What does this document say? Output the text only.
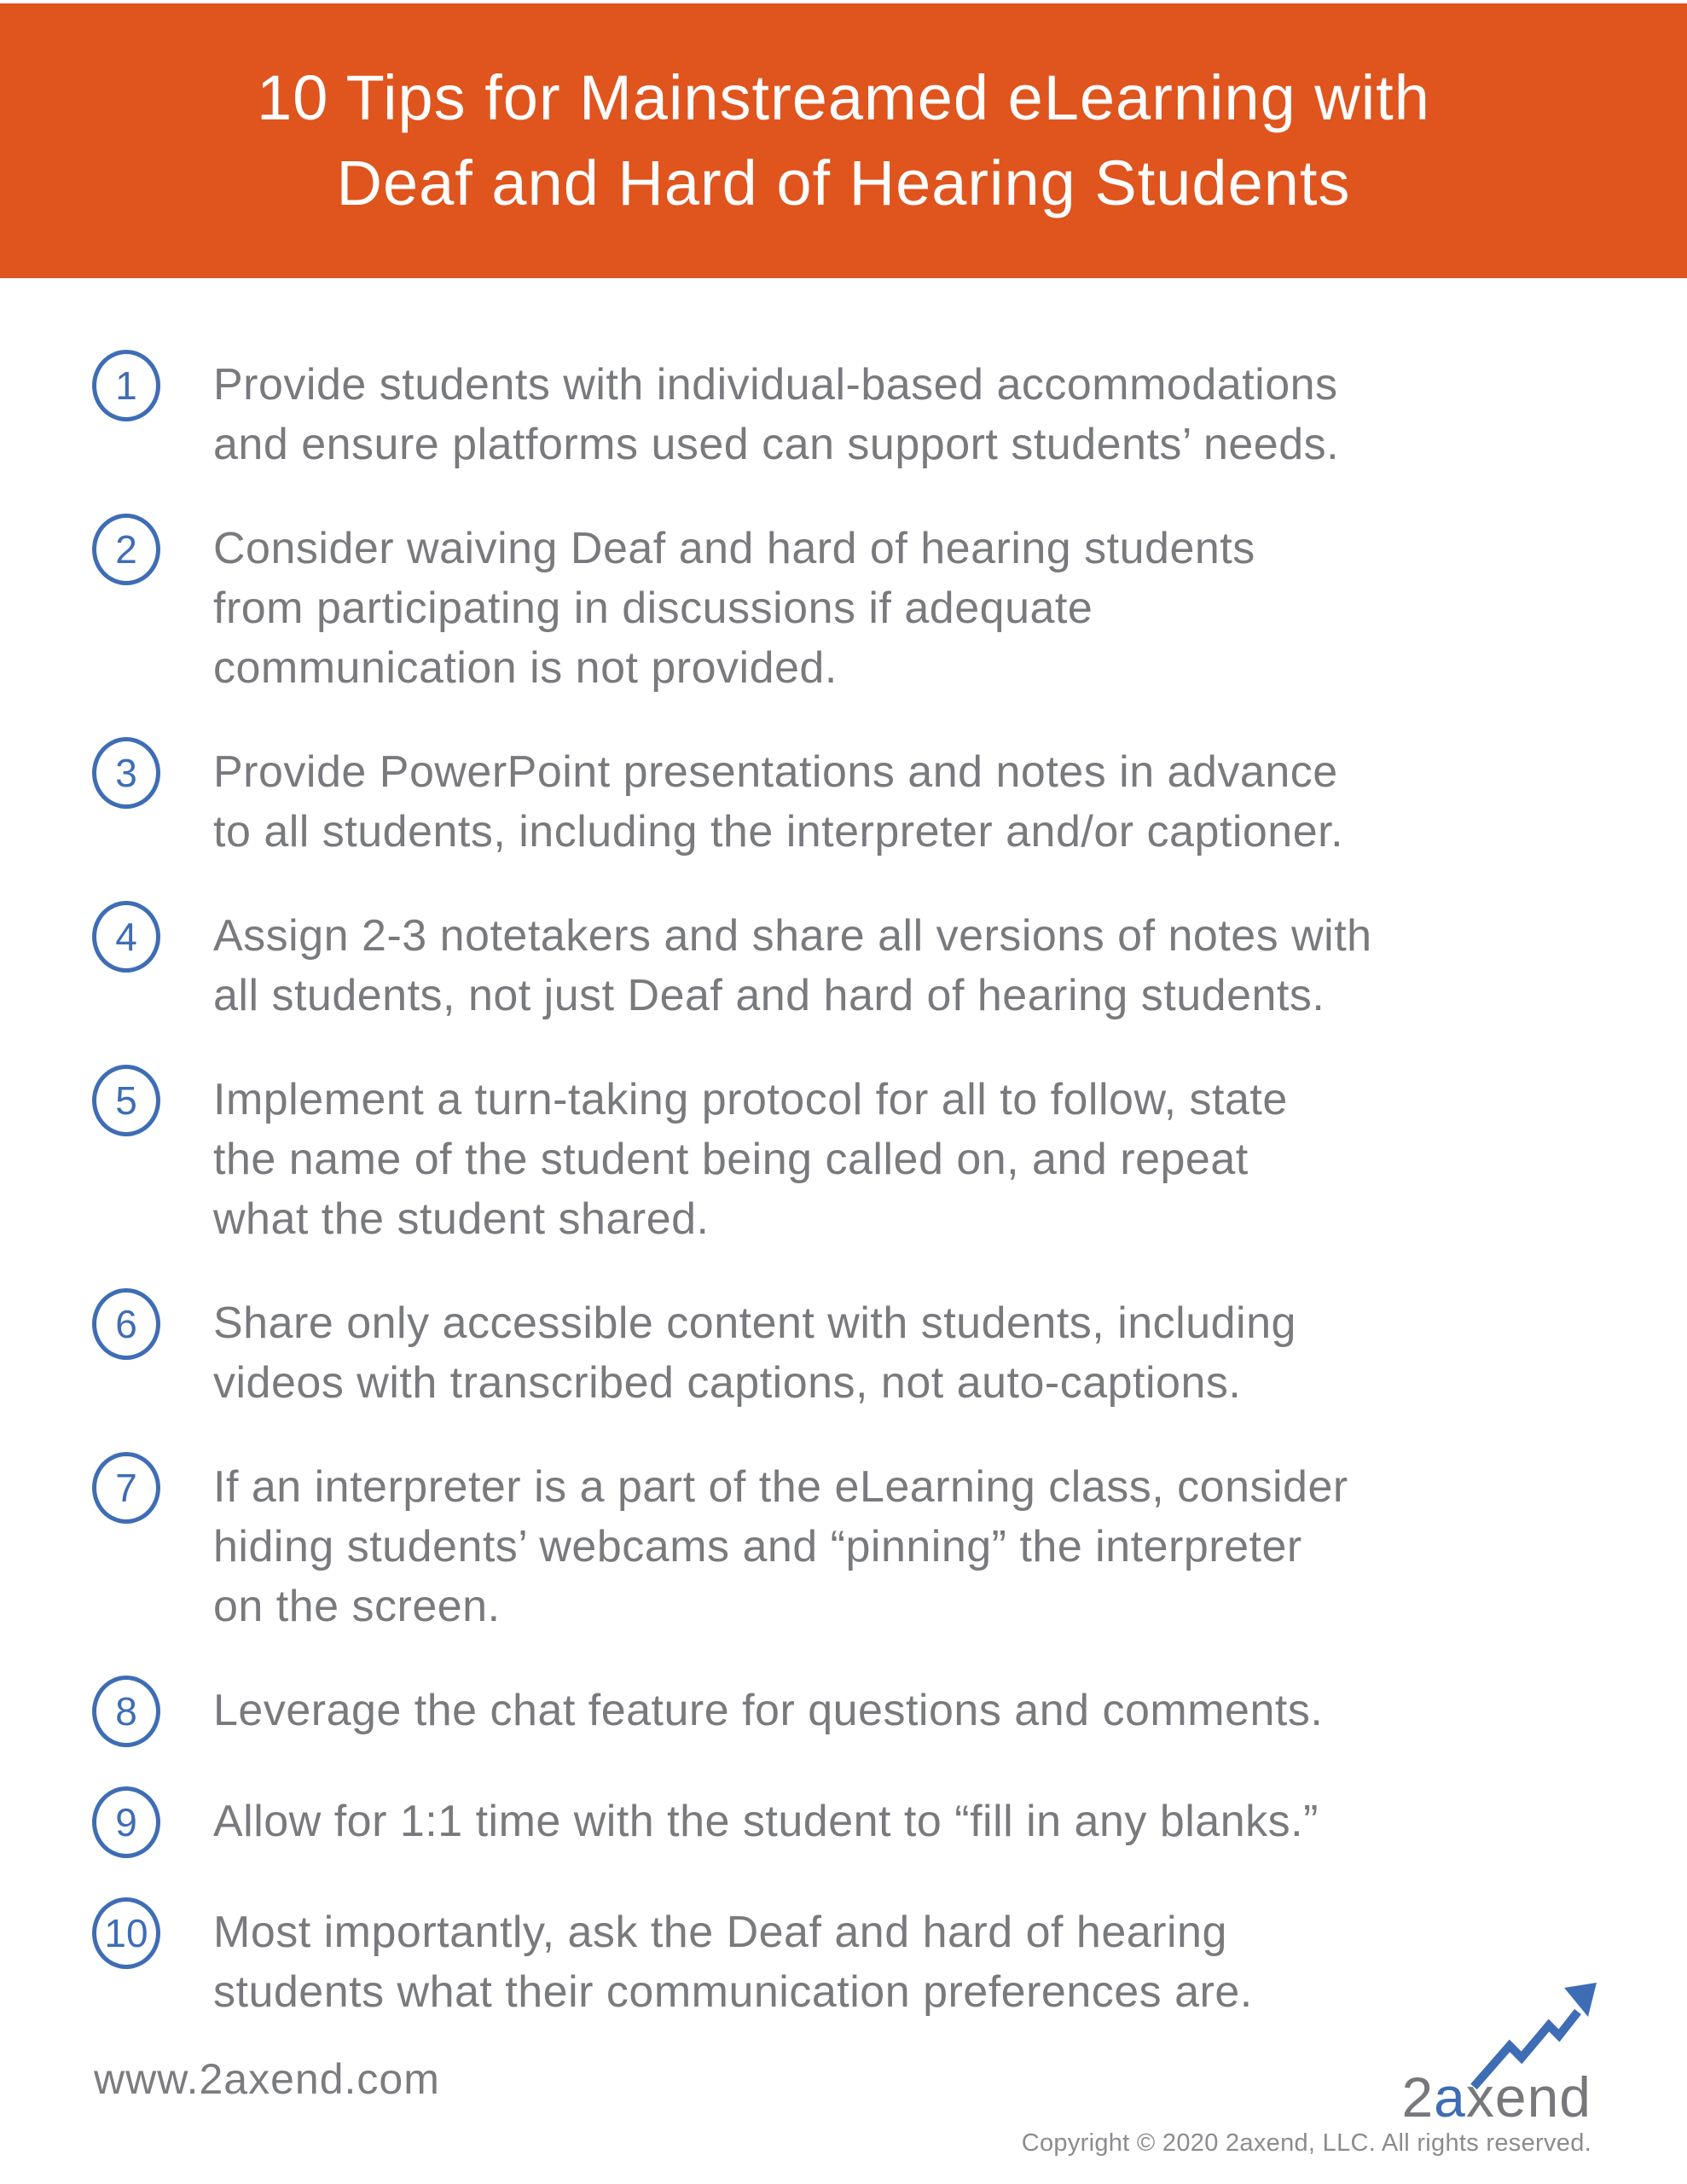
10 Tips for Mainstreamed eLearning with
Deaf and Hard of Hearing Students
1	Provide students with individual-based accommodations
and ensure platforms used can support students’ needs.
2	Consider waiving Deaf and hard of hearing students
from participating in discussions if adequate
communication is not provided.
3	Provide PowerPoint presentations and notes in advance
to all students, including the interpreter and/or captioner.
4	Assign 2-3 notetakers and share all versions of notes with
all students, not just Deaf and hard of hearing students.
5	Implement a turn-taking protocol for all to follow, state
the name of the student being called on, and repeat
what the student shared.
6	Share only accessible content with students, including
videos with transcribed captions, not auto-captions.
7	If an interpreter is a part of the eLearning class, consider
hiding students’ webcams and “pinning” the interpreter
on the screen.
8	Leverage the chat feature for questions and comments.
9	Allow for 1:1 time with the student to “fill in any blanks.”
10 Most importantly, ask the Deaf and hard of hearing
students what their communication preferences are.
www.2axend.com	2axend
Copyright © 2020 2axend, LLC. All rights reserved.
